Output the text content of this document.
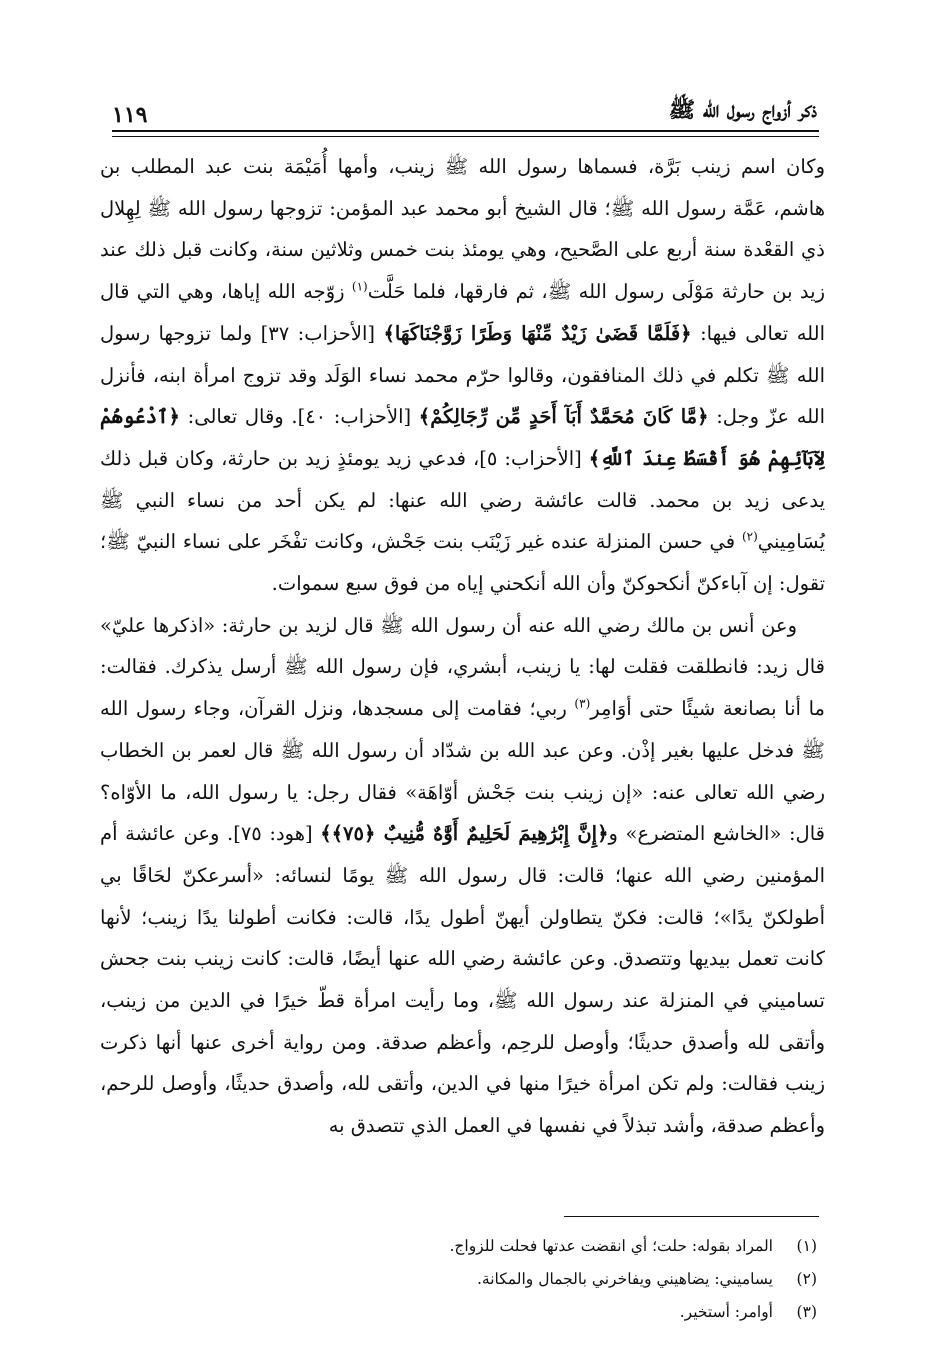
١١٩	ذكر أزواج رسول الله ﷺ

وكان اسم زينب بَرَّة، فسماها رسول الله ﷺ زينب، وأمها أُمَيْمَة بنت عبد المطلب بن هاشم، عَمَّة رسول الله ﷺ؛ قال الشيخ أبو محمد عبد المؤمن: تزوجها رسول الله ﷺ لِهِلال ذي القعْدة سنة أربع على الصَّحيح، وهي يومئذ بنت خمس وثلاثين سنة، وكانت قبل ذلك عند زيد بن حارثة مَوْلَى رسول الله ﷺ، ثم فارقها، فلما حَلَّت$^{(١)}$ زوّجه الله إياها، وهي التي قال الله تعالى فيها: ﴿فَلَمَّا قَضَىٰ زَيْدٌ مِّنْهَا وَطَرًا زَوَّجْنَاكَهَا﴾ [الأحزاب: ٣٧] ولما تزوجها رسول الله ﷺ تكلم في ذلك المنافقون، وقالوا حرّم محمد نساء الوَلَد وقد تزوج امرأة ابنه، فأنزل الله عزّ وجل: ﴿مَّا كَانَ مُحَمَّدٌ أَبَآ أَحَدٍ مِّن رِّجَالِكُمْ﴾ [الأحزاب: ٤٠]. وقال تعالى: ﴿ٱدْعُوهُمْ لِآبَآئِهِمْ هُوَ أَقْسَطُ عِندَ ٱللَّهِ﴾ [الأحزاب: ٥]، فدعي زيد يومئذٍ زيد بن حارثة، وكان قبل ذلك يدعى زيد بن محمد. قالت عائشة رضي الله عنها: لم يكن أحد من نساء النبي ﷺ يُسَامِيني$^{(٢)}$ في حسن المنزلة عنده غير زَيْنَب بنت جَحْش، وكانت تفْخَر على نساء النبيّ ﷺ؛ تقول: إن آباءكنّ أنكحوكنّ وأن الله أنكحني إياه من فوق سبع سموات.

وعن أنس بن مالك رضي الله عنه أن رسول الله ﷺ قال لزيد بن حارثة: «اذكرها عليّ» قال زيد: فانطلقت فقلت لها: يا زينب، أبشري، فإن رسول الله ﷺ أرسل يذكرك. فقالت: ما أنا بصانعة شيئًا حتى أوَامِر$^{(٣)}$ ربي؛ فقامت إلى مسجدها، ونزل القرآن، وجاء رسول الله ﷺ فدخل عليها بغير إذْن. وعن عبد الله بن شدّاد أن رسول الله ﷺ قال لعمر بن الخطاب رضي الله تعالى عنه: «إن زينب بنت جَحْش أوّاهَة» فقال رجل: يا رسول الله، ما الأوّاه؟ قال: «الخاشع المتضرع» و﴿إِنَّ إِبْرَٰهِيمَ لَحَلِيمٌ أَوَّٰهٌ مُّنِيبٌ ﴿٧٥﴾﴾ [هود: ٧٥]. وعن عائشة أم المؤمنين رضي الله عنها؛ قالت: قال رسول الله ﷺ يومًا لنسائه: «أسرعكنّ لحَاقًا بي أطولكنّ يدًا»؛ قالت: فكنّ يتطاولن أيهنّ أطول يدًا، قالت: فكانت أطولنا يدًا زينب؛ لأنها كانت تعمل بيديها وتتصدق. وعن عائشة رضي الله عنها أيضًا، قالت: كانت زينب بنت جحش تساميني في المنزلة عند رسول الله ﷺ، وما رأيت امرأة قطّ خيرًا في الدين من زينب، وأتقى لله وأصدق حديثًا؛ وأوصل للرحِم، وأعظم صدقة. ومن رواية أخرى عنها أنها ذكرت زينب فقالت: ولم تكن امرأة خيرًا منها في الدين، وأتقى لله، وأصدق حديثًا، وأوصل للرحم، وأعظم صدقة، وأشد تبذلاً في نفسها في العمل الذي تتصدق به

(١)
المراد بقوله: حلت؛ أي انقضت عدتها فحلت للزواج.
(٢)
يساميني: يضاهيني ويفاخرني بالجمال والمكانة.
(٣)
أوامر: أستخير.
